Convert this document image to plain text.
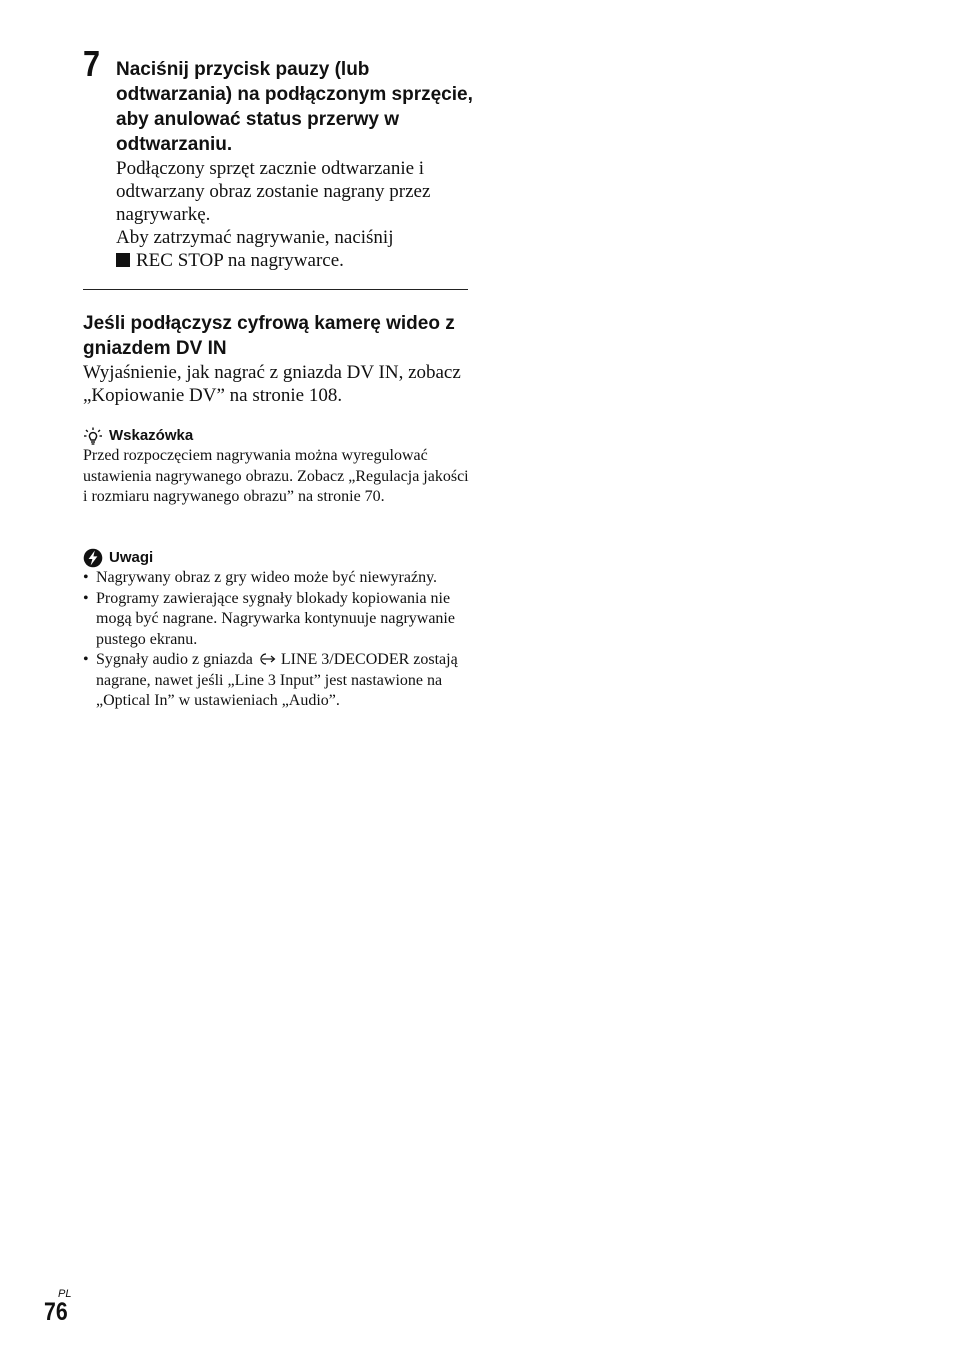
7 Naciśnij przycisk pauzy (lub odtwarzania) na podłączonym sprzęcie, aby anulować status przerwy w odtwarzaniu.

Podłączony sprzęt zacznie odtwarzanie i odtwarzany obraz zostanie nagrany przez nagrywarkę.

Aby zatrzymać nagrywanie, naciśnij
REC STOP na nagrywarce.

Jeśli podłączysz cyfrową kamerę wideo z gniazdem DV IN

Wyjaśnienie, jak nagrać z gniazda DV IN, zobacz „Kopiowanie DV” na stronie 108.

Wskazówka

Przed rozpoczęciem nagrywania można wyregulować ustawienia nagrywanego obrazu. Zobacz „Regulacja jakości i rozmiaru nagrywanego obrazu” na stronie 70.

Uwagi
• Nagrywany obraz z gry wideo może być niewyraźny.
• Programy zawierające sygnały blokady kopiowania nie mogą być nagrane. Nagrywarka kontynuuje nagrywanie pustego ekranu.
• Sygnały audio z gniazda LINE 3/DECODER zostają nagrane, nawet jeśli „Line 3 Input” jest nastawione na „Optical In” w ustawieniach „Audio”.
PL
76
